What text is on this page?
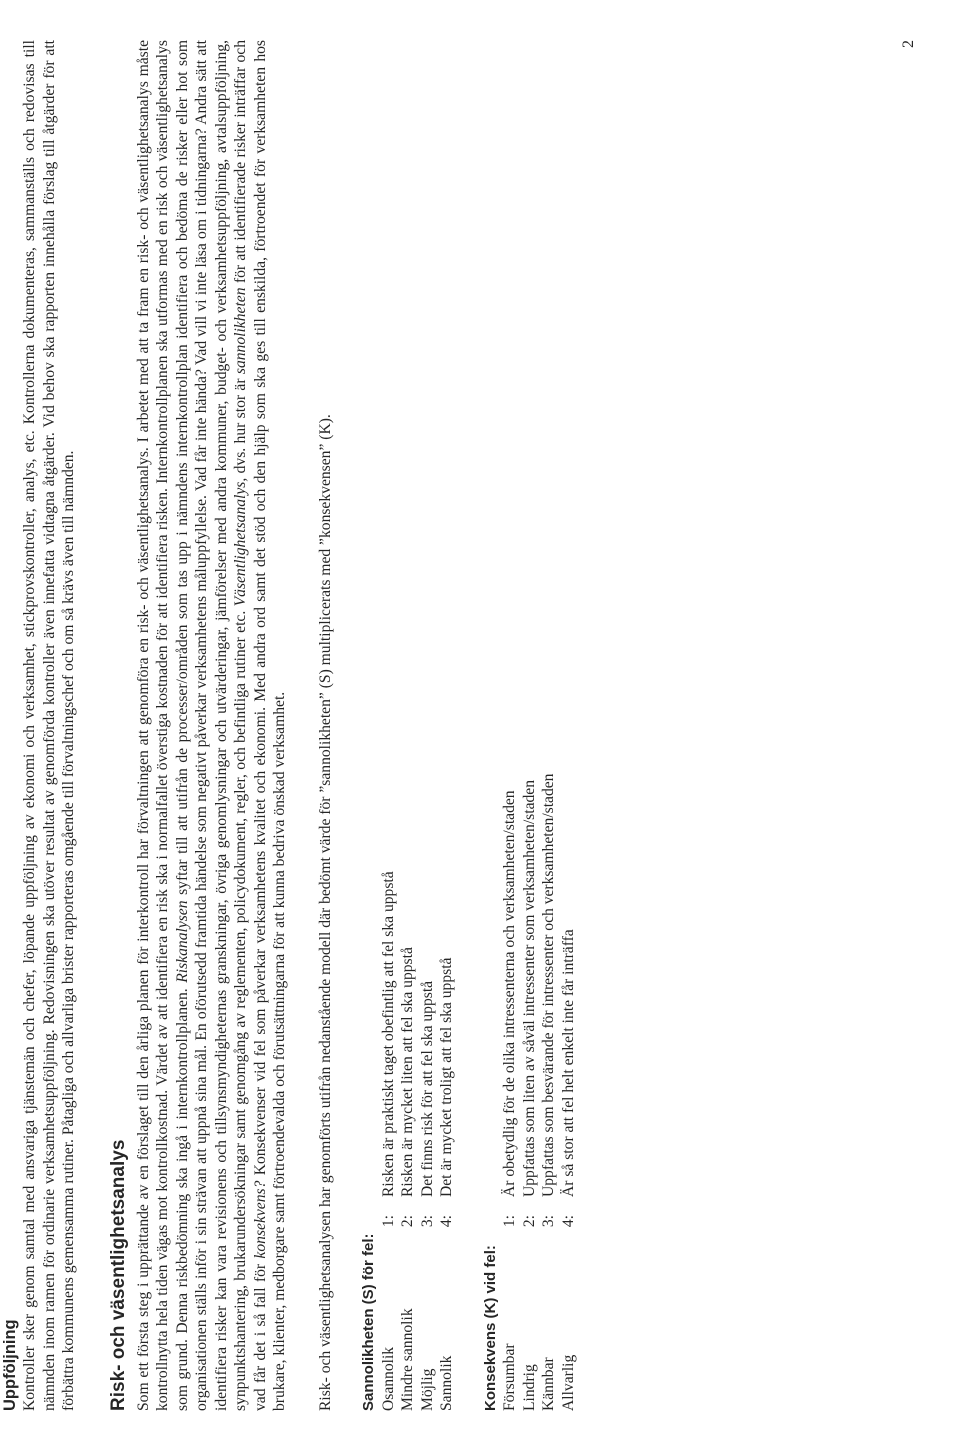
Uppföljning Kontroller sker genom samtal med ansvariga tjänstemän och chefer, löpande uppföljning av ekonomi och verksamhet, stickprovskontroller, analys, etc. Kontrollerna dokumenteras, sammanställs och redovisas till nämnden inom ramen för ordinarie verksamhetsuppföljning. Redovisningen ska utöver resultat av genomförda kontroller även innefatta vidtagna åtgärder. Vid behov ska rapporten innehålla förslag till åtgärder för att förbättra kommunens gemensamma rutiner. Påtagliga och allvarliga brister rapporteras omgående till förvaltningschef och om så krävs även till nämnden. Risk- och väsentlighetsanalys Som ett första steg i upprättande av en förslaget till den årliga planen för interkontroll har förvaltningen att genomföra en risk- och väsentlighetsanalys. I arbetet med att ta fram en risk- och väsentlighetsanalys måste kontrollnytta hela tiden vägas mot kontrollkostnad. Värdet av att identifiera en risk ska i normalfallet överstiga kostnaden för att identifiera risken. Internkontrollplanen ska utformas med en risk och väsentlighetsanalys som grund. Denna riskbedömning ska ingå i internkontrollplanen. Riskanalysen syftar till att utifrån de processer/områden som tas upp i nämndens internkontrollplan identifiera och bedöma de risker eller hot som organisationen ställs inför i sin strävan att uppnå sina mål. En oförutsedd framtida händelse som negativt påverkar verksamhetens måluppfyllelse. Vad får inte hända? Vad vill vi inte läsa om i tidningarna? Andra sätt att identifiera risker kan vara revisionens och tillsynsmyndigheternas granskningar, övriga genomlysningar och utvärderingar, jämförelser med andra kommuner, budget- och verksamhetsuppföljning, avtalsuppföljning, synpunktshantering, brukarundersökningar samt genomgång av reglementen, policydokument, regler, och befintliga rutiner etc. Väsentlighetsanalys, dvs. hur stor är sannolikheten för att identifierade risker inträffar och vad får det i så fall för konsekvens? Konsekvenser vid fel som påverkar verksamhetens kvalitet och ekonomi. Med andra ord samt det stöd och den hjälp som ska ges till enskilda, förtroendet för verksamheten hos brukare, klienter, medborgare samt förtroendevalda och förutsättningarna för att kunna bedriva önskad verksamhet. Risk- och väsentlighetsanalysen har genomförts utifrån nedanstående modell där bedömt värde för ”sannolikheten” (S) multiplicerats med ”konsekvensen” (K). Sannolikheten (S) för fel: Osannolik
1:
Risken är praktiskt taget obefintlig att fel ska uppstå
Mindre sannolik
2:
Risken är mycket liten att fel ska uppstå
Möjlig
3:
Det finns risk för att fel ska uppstå
Sannolik
4:
Det är mycket troligt att fel ska uppstå
Konsekvens (K) vid fel: Försumbar
1:
Är obetydlig för de olika intressenterna och verksamheten/staden
Lindrig
2:
Uppfattas som liten av såväl intressenter som verksamheten/staden
Kännbar
3:
Uppfattas som besvärande för intressenter och verksamheten/staden
Allvarlig
4:
Är så stor att fel helt enkelt inte får inträffa
2
